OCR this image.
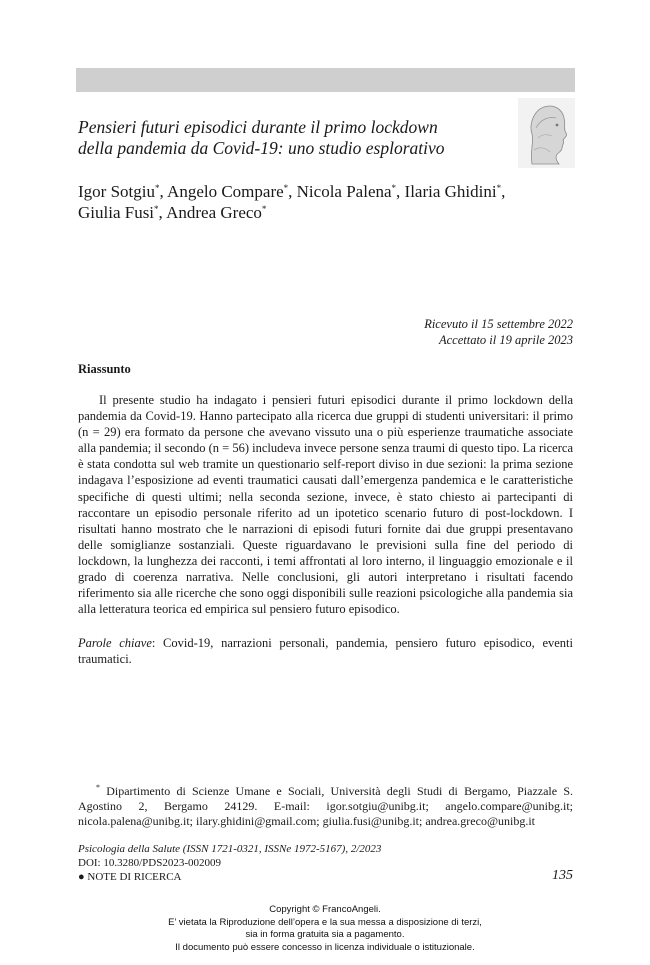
Pensieri futuri episodici durante il primo lockdown
della pandemia da Covid-19: uno studio esplorativo
Igor Sotgiu*, Angelo Compare*, Nicola Palena*, Ilaria Ghidini*,
Giulia Fusi*, Andrea Greco*
Ricevuto il 15 settembre 2022
Accettato il 19 aprile 2023
Riassunto

Il presente studio ha indagato i pensieri futuri episodici durante il primo lockdown della pandemia da Covid-19. Hanno partecipato alla ricerca due gruppi di studenti universitari: il primo (n = 29) era formato da persone che avevano vissuto una o più esperienze traumatiche associate alla pandemia; il secondo (n = 56) includeva invece persone senza traumi di questo tipo. La ricerca è stata condotta sul web tramite un questionario self-report diviso in due sezioni: la prima sezione indagava l’esposizione ad eventi traumatici causati dall’emergenza pandemica e le caratteristiche specifiche di questi ultimi; nella seconda sezione, invece, è stato chiesto ai partecipanti di raccontare un episodio personale riferito ad un ipotetico scenario futuro di post-lockdown. I risultati hanno mostrato che le narrazioni di episodi futuri fornite dai due gruppi presentavano delle somiglianze sostanziali. Queste riguardavano le previsioni sulla fine del periodo di lockdown, la lunghezza dei racconti, i temi affrontati al loro interno, il linguaggio emozionale e il grado di coerenza narrativa. Nelle conclusioni, gli autori interpretano i risultati facendo riferimento sia alle ricerche che sono oggi disponibili sulle reazioni psicologiche alla pandemia sia alla letteratura teorica ed empirica sul pensiero futuro episodico.

Parole chiave: Covid-19, narrazioni personali, pandemia, pensiero futuro episodico, eventi traumatici.

* Dipartimento di Scienze Umane e Sociali, Università degli Studi di Bergamo, Piazzale S. Agostino 2, Bergamo 24129. E-mail: igor.sotgiu@unibg.it; angelo.compare@unibg.it; nicola.palena@unibg.it; ilary.ghidini@gmail.com; giulia.fusi@unibg.it; andrea.greco@unibg.it

Psicologia della Salute (ISSN 1721-0321, ISSNe 1972-5167), 2/2023
DOI: 10.3280/PDS2023-002009
● NOTE DI RICERCA	135
Copyright © FrancoAngeli.
E’ vietata la Riproduzione dell’opera e la sua messa a disposizione di terzi,
sia in forma gratuita sia a pagamento.
Il documento può essere concesso in licenza individuale o istituzionale.
